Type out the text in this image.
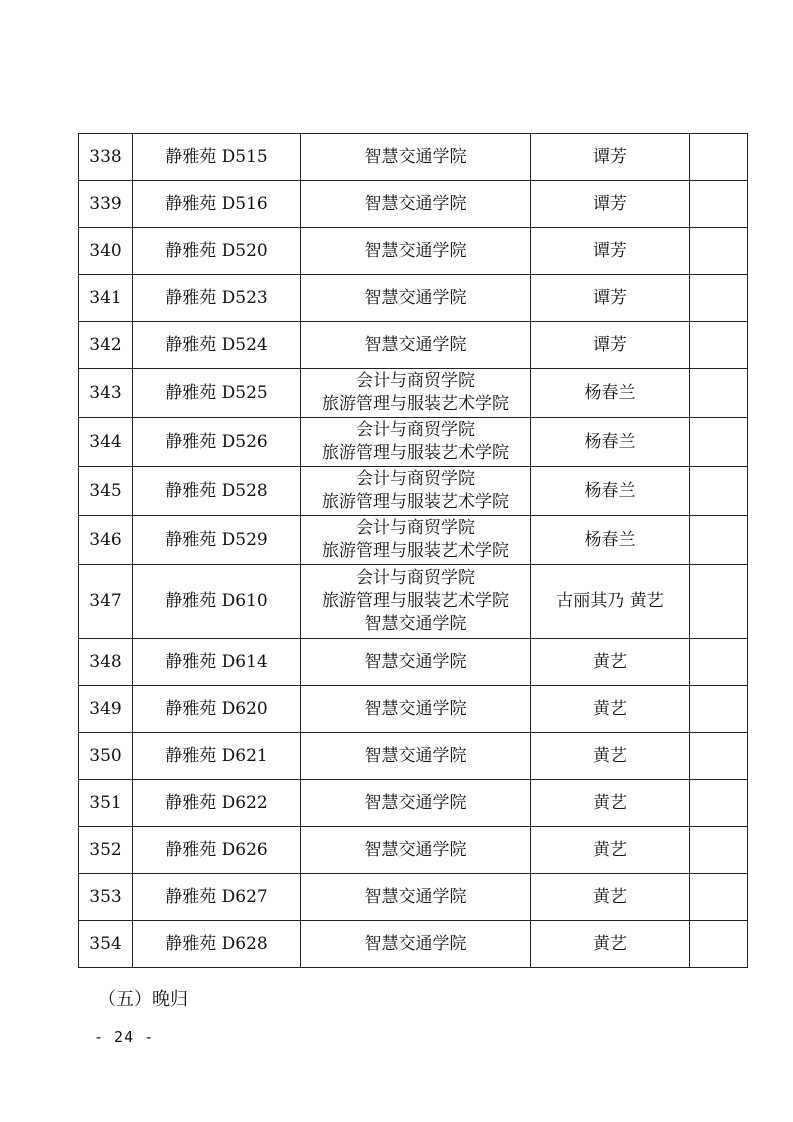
338	静雅苑 D515	智慧交通学院	谭芳	
339	静雅苑 D516	智慧交通学院	谭芳	
340	静雅苑 D520	智慧交通学院	谭芳	
341	静雅苑 D523	智慧交通学院	谭芳	
342	静雅苑 D524	智慧交通学院	谭芳	
343	静雅苑 D525	会计与商贸学院
旅游管理与服装艺术学院	杨春兰	
344	静雅苑 D526	会计与商贸学院
旅游管理与服装艺术学院	杨春兰	
345	静雅苑 D528	会计与商贸学院
旅游管理与服装艺术学院	杨春兰	
346	静雅苑 D529	会计与商贸学院
旅游管理与服装艺术学院	杨春兰	
347	静雅苑 D610	会计与商贸学院
旅游管理与服装艺术学院
智慧交通学院	古丽其乃 黄艺	
348	静雅苑 D614	智慧交通学院	黄艺	
349	静雅苑 D620	智慧交通学院	黄艺	
350	静雅苑 D621	智慧交通学院	黄艺	
351	静雅苑 D622	智慧交通学院	黄艺	
352	静雅苑 D626	智慧交通学院	黄艺	
353	静雅苑 D627	智慧交通学院	黄艺	
354	静雅苑 D628	智慧交通学院	黄艺	
（五）晚归
- 24 -
